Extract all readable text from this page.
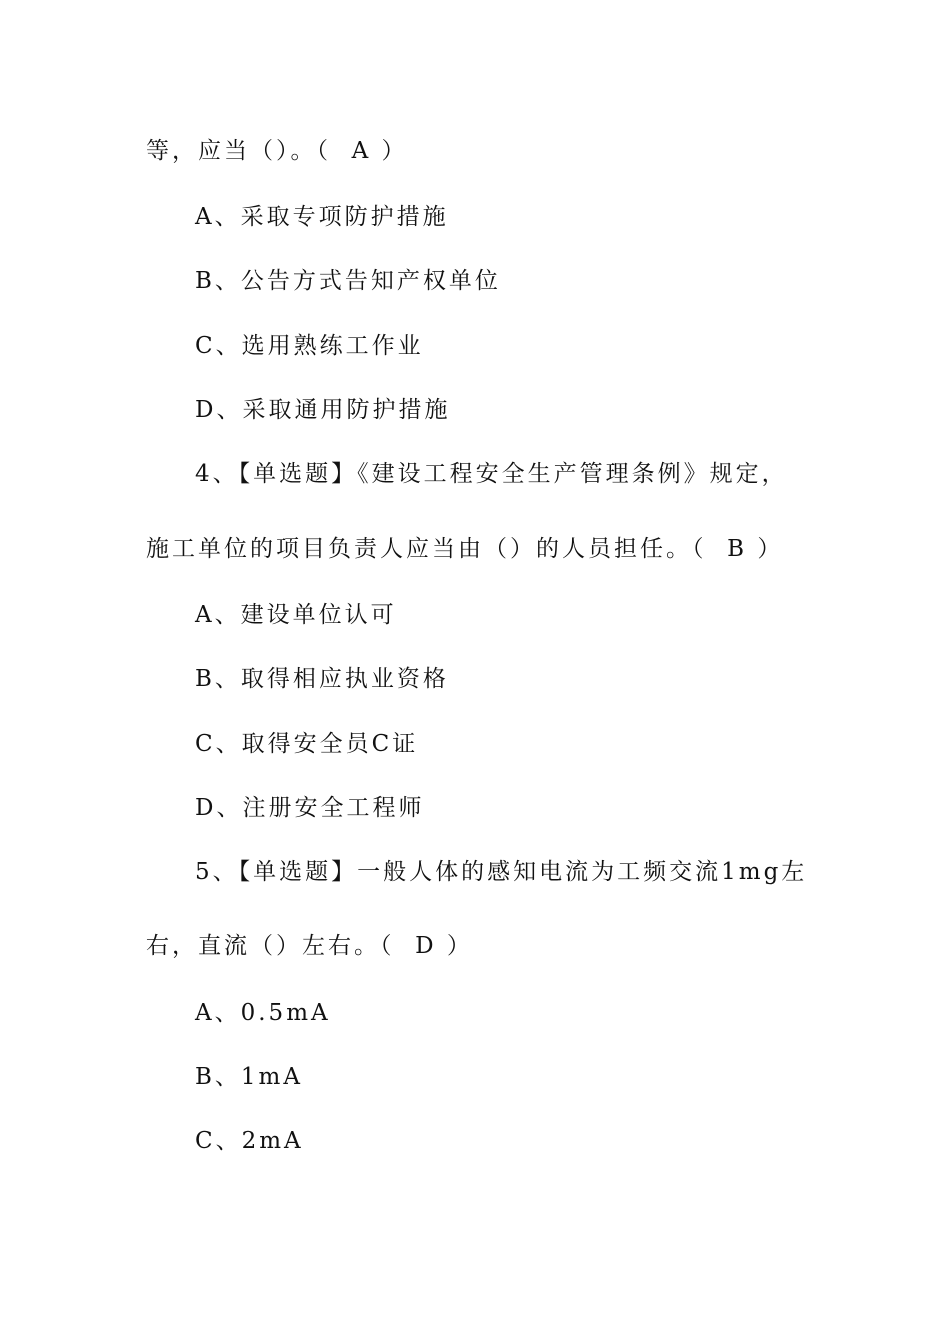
等，应当（）。（  A ）
A、采取专项防护措施
B、公告方式告知产权单位
C、选用熟练工作业
D、采取通用防护措施
4、【单选题】《建设工程安全生产管理条例》规定，
施工单位的项目负责人应当由（）的人员担任。（  B ）
A、建设单位认可
B、取得相应执业资格
C、取得安全员C证
D、注册安全工程师
5、【单选题】一般人体的感知电流为工频交流1mg左
右，直流（）左右。（  D ）
A、0.5mA
B、1mA
C、2mA
